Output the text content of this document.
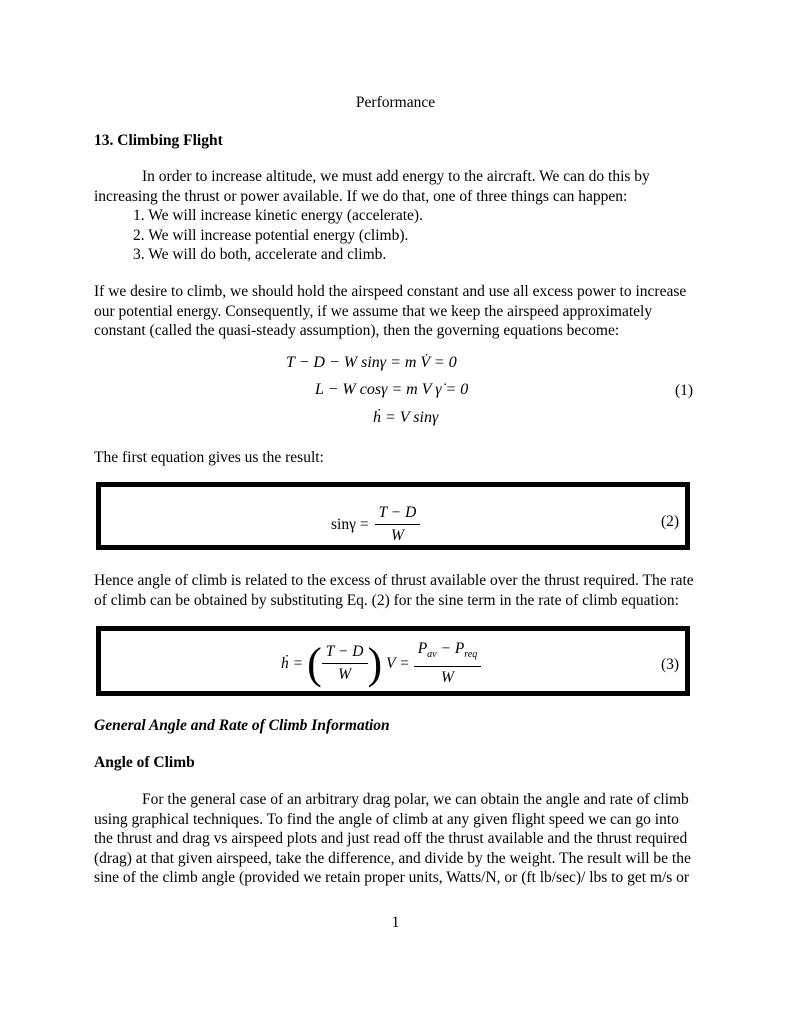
Performance
13. Climbing Flight
In order to increase altitude, we must add energy to the aircraft. We can do this by
increasing the thrust or power available. If we do that, one of three things can happen:
1. We will increase kinetic energy (accelerate).
2. We will increase potential energy (climb).
3. We will do both, accelerate and climb.
If we desire to climb, we should hold the airspeed constant and use all excess power to increase
our potential energy. Consequently, if we assume that we keep the airspeed approximately
constant (called the quasi-steady assumption), then the governing equations become:
T − D − W sinγ = m V̇ = 0
L − W cosγ = m V γ̇ = 0
ḣ = V sinγ
(1)
The first equation gives us the result:
$\sin\gamma = \frac{T - D}{W}$	(2)
Hence angle of climb is related to the excess of thrust available over the thrust required. The rate
of climb can be obtained by substituting Eq. (2) for the sine term in the rate of climb equation:
ḣ = ( $\frac{T - D}{W}$ ) $V = \frac{P_{av} - P_{req}}{W}$	(3)
General Angle and Rate of Climb Information
Angle of Climb
For the general case of an arbitrary drag polar, we can obtain the angle and rate of climb
using graphical techniques. To find the angle of climb at any given flight speed we can go into
the thrust and drag vs airspeed plots and just read off the thrust available and the thrust required
(drag) at that given airspeed, take the difference, and divide by the weight. The result will be the
sine of the climb angle (provided we retain proper units, Watts/N, or (ft lb/sec)/ lbs to get m/s or
1
